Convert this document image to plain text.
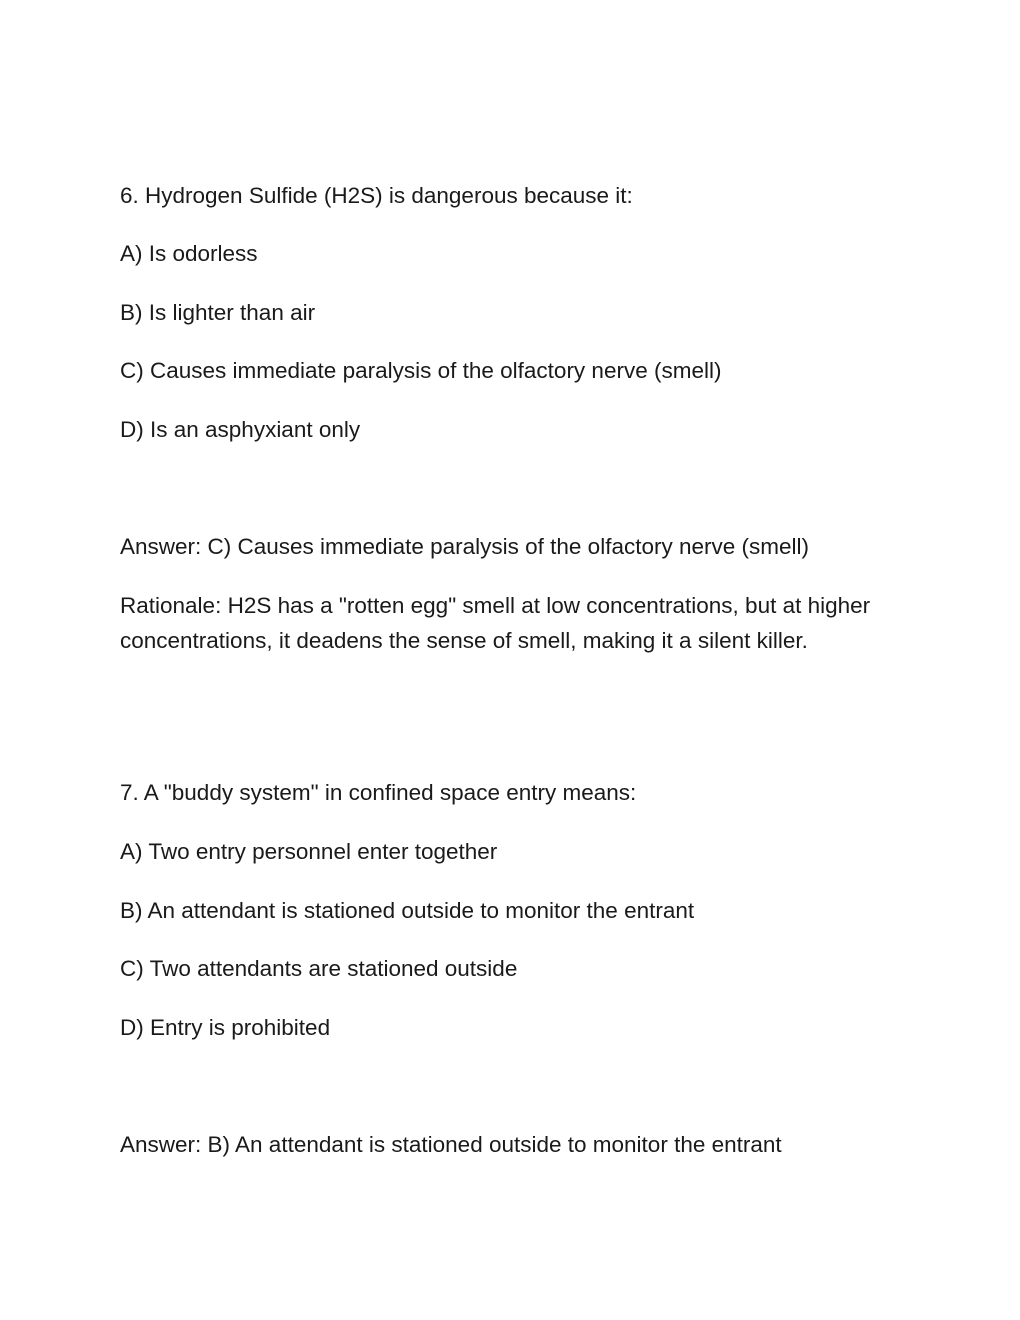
6. Hydrogen Sulfide (H2S) is dangerous because it:

A) Is odorless

B) Is lighter than air

C) Causes immediate paralysis of the olfactory nerve (smell)

D) Is an asphyxiant only

Answer: C) Causes immediate paralysis of the olfactory nerve (smell)

Rationale: H2S has a "rotten egg" smell at low concentrations, but at higher concentrations, it deadens the sense of smell, making it a silent killer.

7. A "buddy system" in confined space entry means:

A) Two entry personnel enter together

B) An attendant is stationed outside to monitor the entrant

C) Two attendants are stationed outside

D) Entry is prohibited

Answer: B) An attendant is stationed outside to monitor the entrant
